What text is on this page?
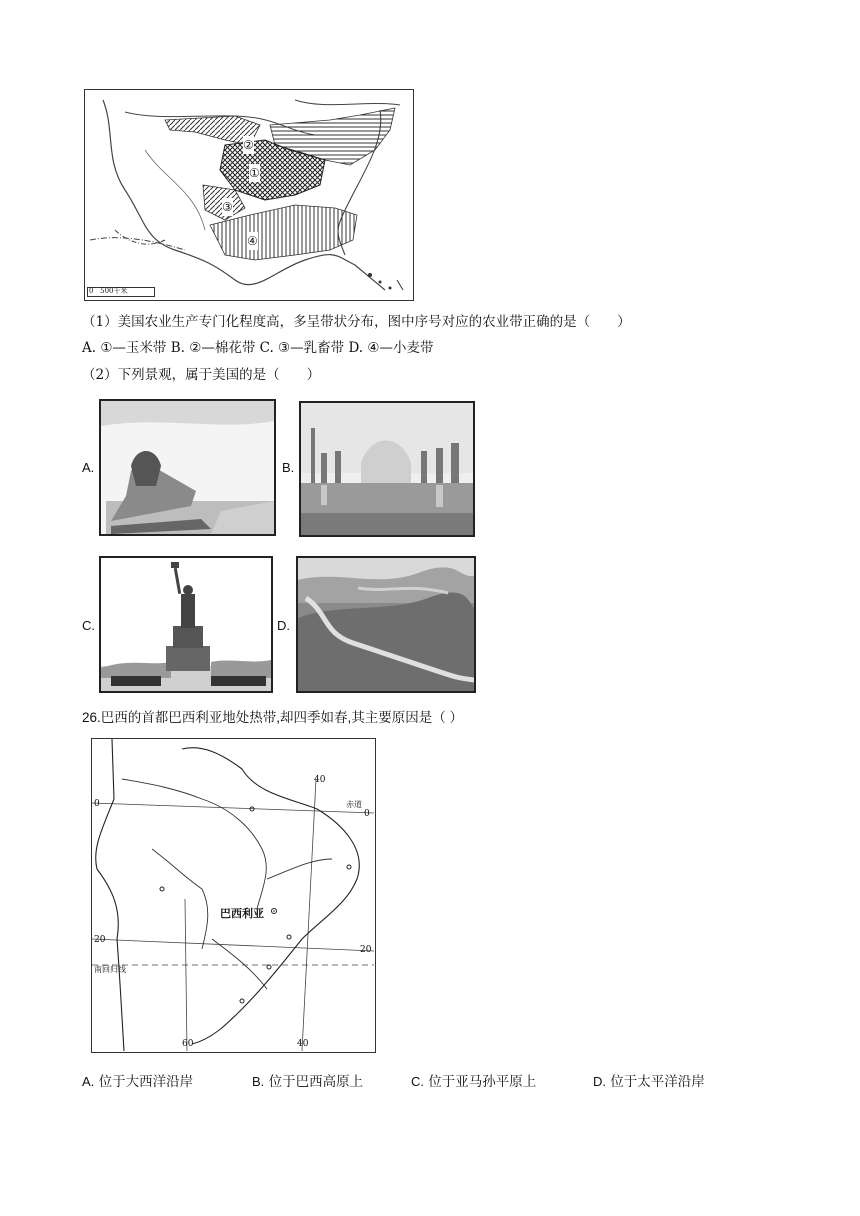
①
②
③
④
0   500千米
（1）美国农业生产专门化程度高，多呈带状分布，图中序号对应的农业带正确的是（　　）
A. ①—玉米带 B. ②—棉花带 C. ③—乳畜带 D. ④—小麦带
（2）下列景观，属于美国的是（　　）
A.	B.
C.	D.
26.巴西的首都巴西利亚地处热带,却四季如春,其主要原因是（ ）
40
0	赤道
0
巴西利亚
20
20
南回归线
60	40
A. 位于大西洋沿岸	B. 位于巴西高原上	C. 位于亚马孙平原上	D. 位于太平洋沿岸
